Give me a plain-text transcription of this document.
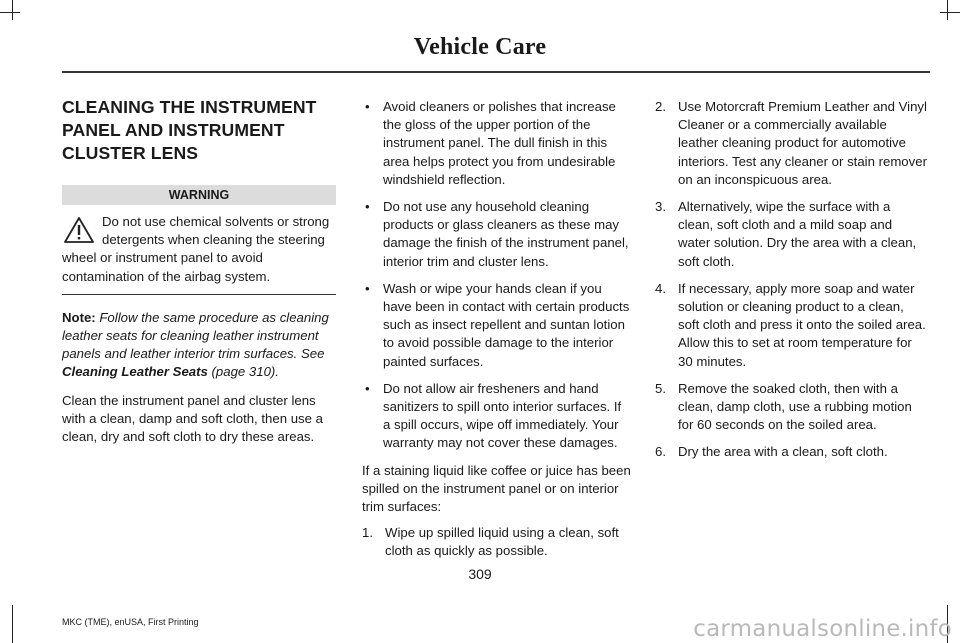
Vehicle Care
CLEANING THE INSTRUMENT
PANEL AND INSTRUMENT
CLUSTER LENS
WARNING

Do not use chemical solvents or strong detergents when cleaning the steering wheel or instrument panel to avoid contamination of the airbag system.

Note: Follow the same procedure as cleaning leather seats for cleaning leather instrument panels and leather interior trim surfaces. See Cleaning Leather Seats (page 310).

Clean the instrument panel and cluster lens with a clean, damp and soft cloth, then use a clean, dry and soft cloth to dry these areas.

• Avoid cleaners or polishes that increase the gloss of the upper portion of the instrument panel. The dull finish in this area helps protect you from undesirable windshield reflection.
• Do not use any household cleaning products or glass cleaners as these may damage the finish of the instrument panel, interior trim and cluster lens.
• Wash or wipe your hands clean if you have been in contact with certain products such as insect repellent and suntan lotion to avoid possible damage to the interior painted surfaces.
• Do not allow air fresheners and hand sanitizers to spill onto interior surfaces. If a spill occurs, wipe off immediately. Your warranty may not cover these damages.

If a staining liquid like coffee or juice has been spilled on the instrument panel or on interior trim surfaces:

1. Wipe up spilled liquid using a clean, soft cloth as quickly as possible.
2. Use Motorcraft Premium Leather and Vinyl Cleaner or a commercially available leather cleaning product for automotive interiors. Test any cleaner or stain remover on an inconspicuous area.
3. Alternatively, wipe the surface with a clean, soft cloth and a mild soap and water solution. Dry the area with a clean, soft cloth.
4. If necessary, apply more soap and water solution or cleaning product to a clean, soft cloth and press it onto the soiled area. Allow this to set at room temperature for 30 minutes.
5. Remove the soaked cloth, then with a clean, damp cloth, use a rubbing motion for 60 seconds on the soiled area.
6. Dry the area with a clean, soft cloth.
309
MKC (TME), enUSA, First Printing	carmanualsonline.info
